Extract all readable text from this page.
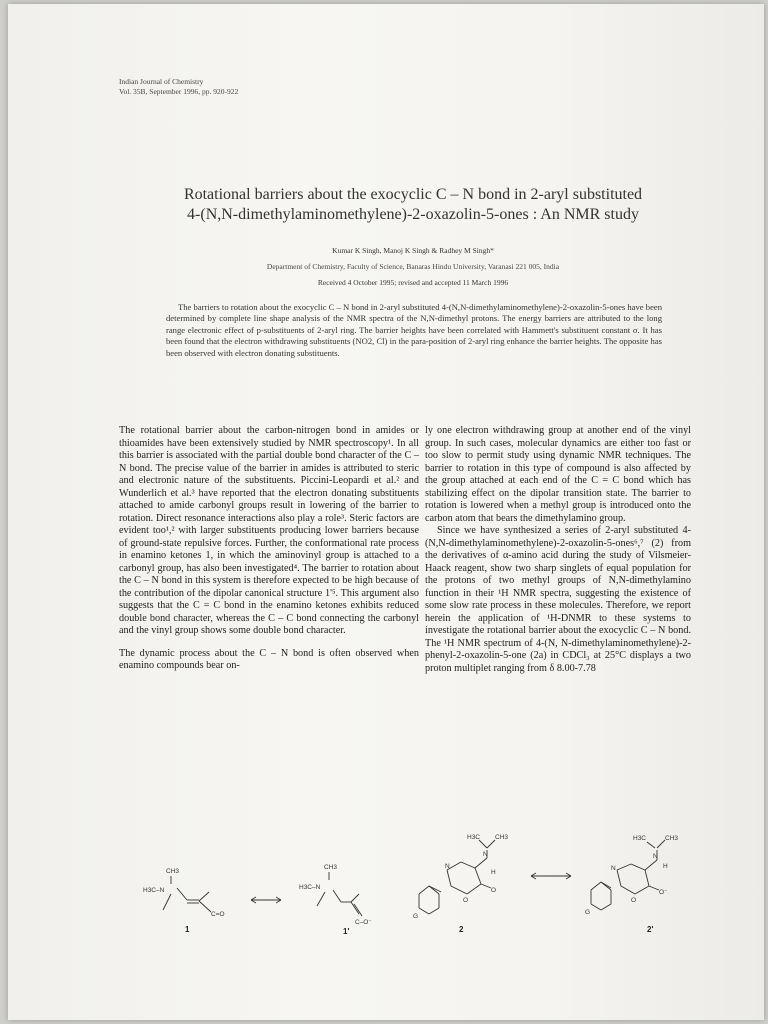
Indian Journal of Chemistry
Vol. 35B, September 1996, pp. 920-922
Rotational barriers about the exocyclic C – N bond in 2-aryl substituted
4-(N,N-dimethylaminomethylene)-2-oxazolin-5-ones : An NMR study
Kumar K Singh, Manoj K Singh & Radhey M Singh*
Department of Chemistry, Faculty of Science, Banaras Hindu University, Varanasi 221 005, India
Received 4 October 1995; revised and accepted 11 March 1996
The barriers to rotation about the exocyclic C – N bond in 2-aryl substituted 4-(N,N-dimethylaminomethylene)-2-oxazolin-5-ones have been determined by complete line shape analysis of the NMR spectra of the N,N-dimethyl protons. The energy barriers are attributed to the long range electronic effect of p-substituents of 2-aryl ring. The barrier heights have been correlated with Hammett's substituent constant σ. It has been found that the electron withdrawing substituents (NO2, Cl) in the para-position of 2-aryl ring enhance the barrier heights. The opposite has been observed with electron donating substituents.

The rotational barrier about the carbon-nitrogen bond in amides or thioamides have been extensively studied by NMR spectroscopy¹. In all this barrier is associated with the partial double bond character of the C – N bond. The precise value of the barrier in amides is attributed to steric and electronic nature of the substituents. Piccini-Leopardi et al.² and Wunderlich et al.³ have reported that the electron donating substituents attached to amide carbonyl groups result in lowering of the barrier to rotation. Direct resonance interactions also play a role³. Steric factors are evident too¹,² with larger substituents producing lower barriers because of ground-state repulsive forces. Further, the conformational rate process in enamino ketones 1, in which the aminovinyl group is attached to a carbonyl group, has also been investigated⁴. The barrier to rotation about the C – N bond in this system is therefore expected to be high because of the contribution of the dipolar canonical structure 1'⁵. This argument also suggests that the C = C bond in the enamino ketones exhibits reduced double bond character, whereas the C – C bond connecting the carbonyl and the vinyl group shows some double bond character.

The dynamic process about the C – N bond is often observed when enamino compounds bear on-

ly one electron withdrawing group at another end of the vinyl group. In such cases, molecular dynamics are either too fast or too slow to permit study using dynamic NMR techniques. The barrier to rotation in this type of compound is also affected by the group attached at each end of the C = C bond which has stabilizing effect on the dipolar transition state. The barrier to rotation is lowered when a methyl group is introduced onto the carbon atom that bears the dimethylamino group.

Since we have synthesized a series of 2-aryl substituted 4-(N,N-dimethylaminomethylene)-2-oxazolin-5-ones⁶,⁷ (2) from the derivatives of α-amino acid during the study of Vilsmeier-Haack reagent, show two sharp singlets of equal population for the protons of two methyl groups of N,N-dimethylamino function in their ¹H NMR spectra, suggesting the existence of some slow rate process in these molecules. Therefore, we report herein the application of ¹H-DNMR to these systems to investigate the rotational barrier about the exocyclic C – N bond. The ¹H NMR spectrum of 4-(N, N-dimethylaminomethylene)-2-phenyl-2-oxazolin-5-one (2a) in CDCl₃ at 25°C displays a two proton multiplet ranging from δ 8.00-7.78

CH3
H3C–N
C=O
CH3
H3C–N
C–O⁻
H3C CH3
N
H
N
O
O
G
H3C	CH3
N
H
N
O
O⁻
G
1	1'	2	2'
